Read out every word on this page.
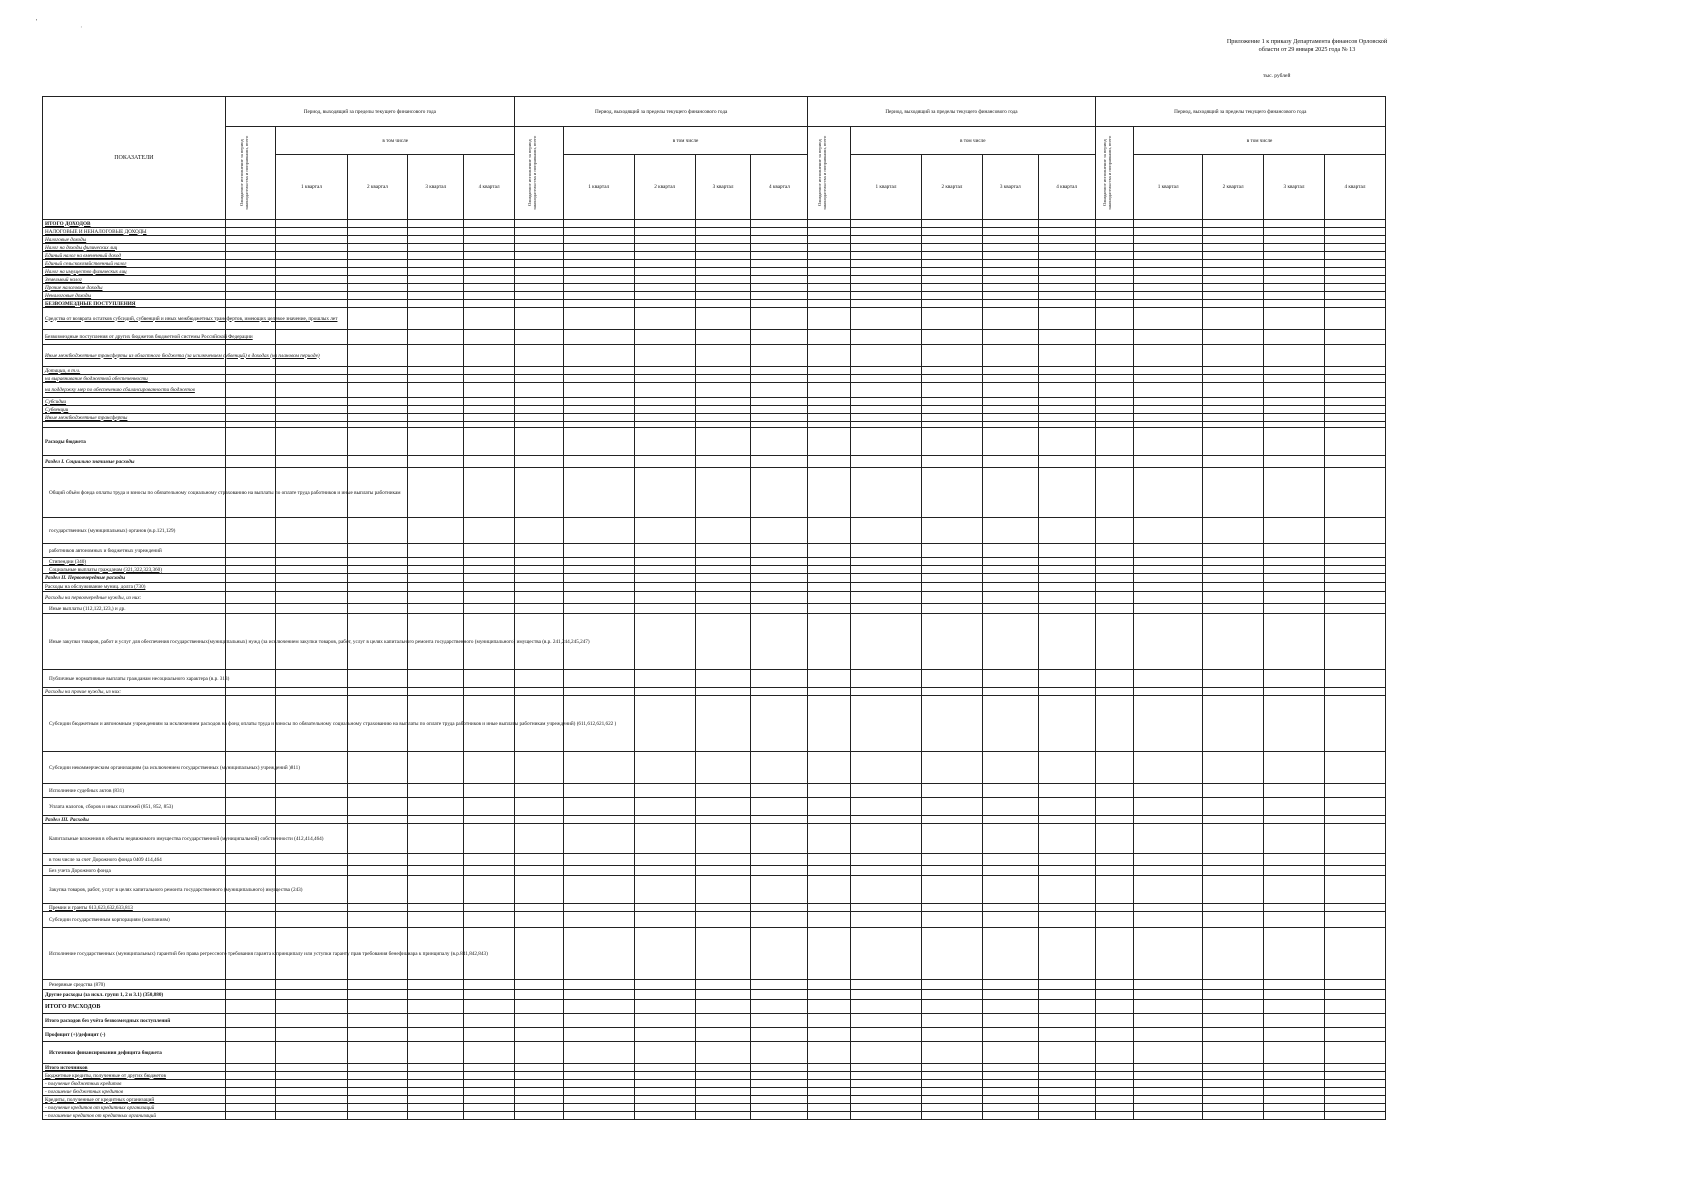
'	ˌ
Приложение 1 к приказу Департамента финансов Орловской
области от 29 января 2025 года № 13
тыс. рублей
ПОКАЗАТЕЛИ	Период, выходящий за пределы текущего финансового года					Период, выходящий за пределы текущего финансового года					Период, выходящий за пределы текущего финансового года					Период, выходящий за пределы текущего финансового года				

	Ожидаемое исполнение за период законодательства и поправками, всего	в том числе				Ожидаемое исполнение за период законодательства и поправками, всего	в том числе				Ожидаемое исполнение за период законодательства и поправками, всего	в том числе				Ожидаемое исполнение за период законодательства и поправками, всего	в том числе			
		1 квартал	2 квартал	3 квартал	4 квартал		1 квартал	2 квартал	3 квартал	4 квартал		1 квартал	2 квартал	3 квартал	4 квартал		1 квартал	2 квартал	3 квартал	4 квартал
ИТОГО ДОХОДОВ																				
НАЛОГОВЫЕ И НЕНАЛОГОВЫЕ ДОХОДЫ																				
Налоговые доходы																				
Налог на доходы физических лиц																				
Единый налог на вмененный доход																				
Единый сельскохозяйственный налог																				
Налог на имущество физических лиц																				
Земельный налог																				
Прочие налоговые доходы																				
Неналоговые доходы																				
БЕЗВОЗМЕЗДНЫЕ ПОСТУПЛЕНИЯ																				
Средства от возврата остатков субсидий, субвенций и иных межбюджетных трансфертов, имеющих целевое значение, прошлых лет																				
Безвозмездные поступления от других бюджетов бюджетной системы Российской Федерации																				
Иные межбюджетные трансферты из областного бюджета (за исключением субвенций) в доходах (на плановом периоде)																				
Дотации, в т.ч.																				
на выравнивание бюджетной обеспеченности																				
на поддержку мер по обеспечению сбалансированности бюджетов																				
Субсидии																				
Субвенции																				
Иные межбюджетные трансферты																				

Расходы бюджета																				
Раздел I. Социально значимые расходы																				
Общий объём фонда оплаты труда и взносы по обязательному социальному страхованию на выплаты по оплате труда работников и иные выплаты работникам																				
государственных (муниципальных) органов (в.р.121,129)																				
работников автономных и бюджетных учреждений																				
Стипендии (340)																				
Социальные выплаты гражданам (321,322,323,360)																				
Раздел II. Первоочередные расходы																				
Расходы на обслуживание муниц. долга (730)																				
Расходы на первоочередные нужды, из них:																				
Иные выплаты (112,122,123,) и др.																				
Иные закупки товаров, работ и услуг для обеспечения государственных(муниципальных) нужд (за исключением закупки товаров, работ, услуг в целях капитального ремонта государственного (муниципального) имущества (в.р. 241,244,245,247)																				
Публичные нормативные выплаты гражданам несоциального характера (в.р. 313)																				
Расходы на прочие нужды, из них:																				
Субсидии бюджетным и автономным учреждениям за исключением расходов на фонд оплаты труда и взносы по обязательному социальному страхованию на выплаты по оплате труда работников и иные выплаты работникам учреждений) (611,612,621,622 )																				
Субсидии некоммерческим организациям (за исключением государственных (муниципальных) учреждений )811)																				
Исполнение судебных актов (831)																				
Уплата налогов, сборов и иных платежей (851, 852, 853)																				
Раздел III. Расходы																				
Капитальные вложения в объекты недвижимого имущества государственной (муниципальной) собственности (412,414,464)																				
в том числе за счет Дорожного фонда 0409 414,464																				
Без учета Дорожного фонда																				
Закупка товаров, работ, услуг в целях капитального ремонта государственного (муниципального) имущества (243)																				
Премии и гранты 613,623,632,633,813																				
Субсидии государственным корпорациям (компаниям)																				
Исполнение государственных (муниципальных) гарантий без права регрессного требования гаранта к принципалу или уступки гаранту прав требования бенефициара к принципалу (в.р.841,842,843)																				
Резервные средства (870)																				
Другие расходы (за искл. групп 1, 2 и 3.1) (350,880)																				
ИТОГО РАСХОДОВ																				
Итого расходов без учёта безвозмездных поступлений																				
Профицит (+)/дефицит (-)																				
Источники финансирования дефицита бюджета																				
Итого источников																				
Бюджетные кредиты, полученные от других бюджетов																				
- получение бюджетных кредитов																				
- погашение бюджетных кредитов																				
Кредиты, полученные от кредитных организаций																				
- получение кредитов от кредитных организаций																				
- погашение кредитов от кредитных организаций																				
